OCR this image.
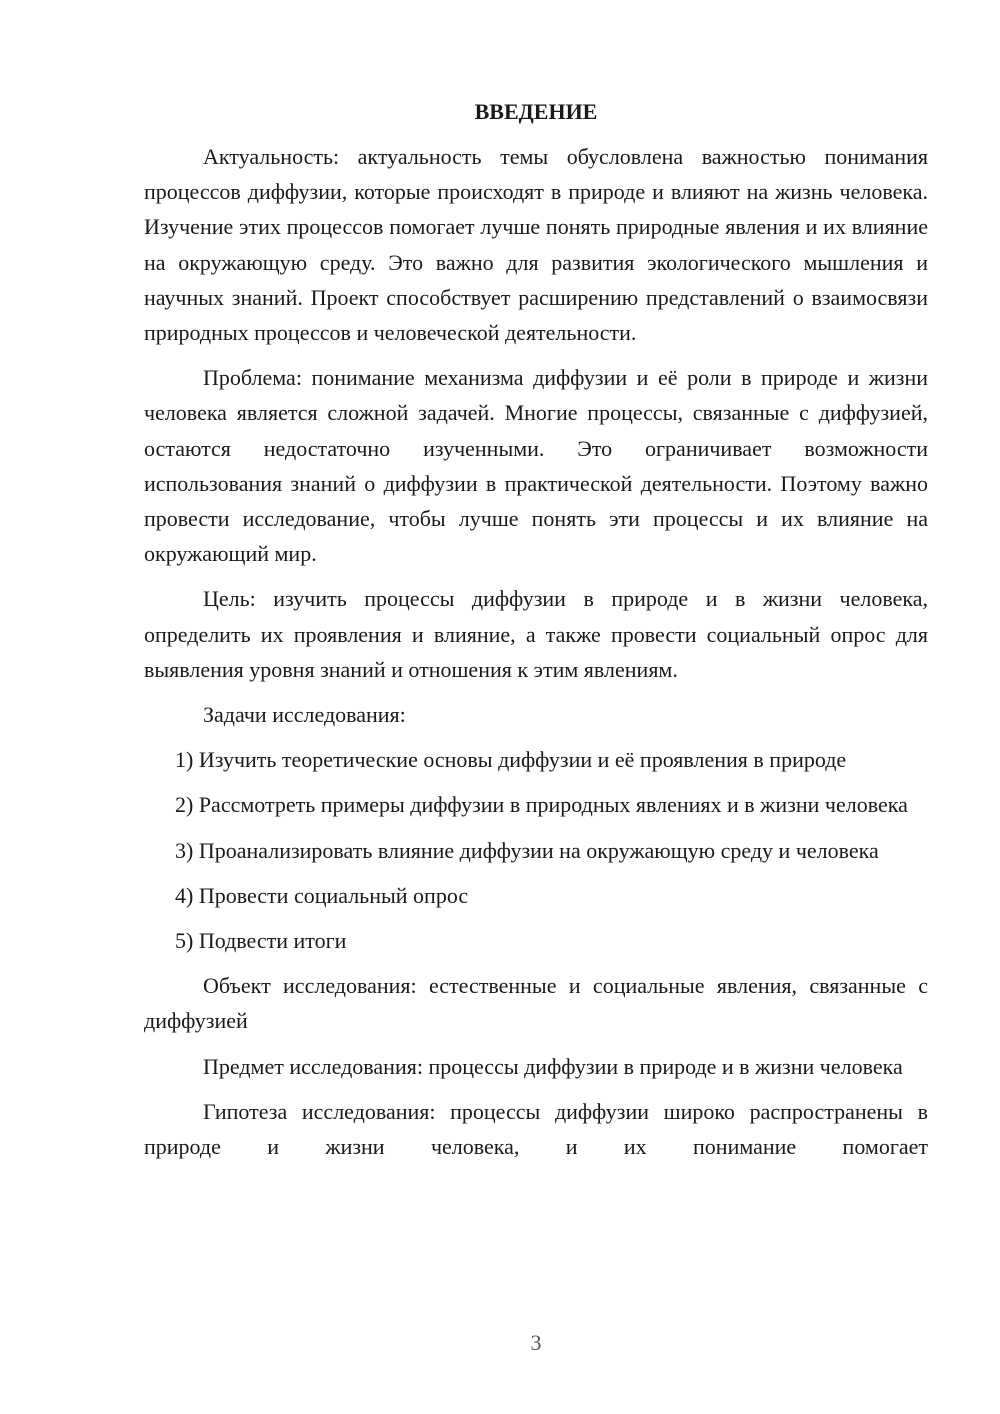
ВВЕДЕНИЕ

Актуальность: актуальность темы обусловлена важностью понимания процессов диффузии, которые происходят в природе и влияют на жизнь человека. Изучение этих процессов помогает лучше понять природные явления и их влияние на окружающую среду. Это важно для развития экологического мышления и научных знаний. Проект способствует расширению представлений о взаимосвязи природных процессов и человеческой деятельности.

Проблема: понимание механизма диффузии и её роли в природе и жизни человека является сложной задачей. Многие процессы, связанные с диффузией, остаются недостаточно изученными. Это ограничивает возможности использования знаний о диффузии в практической деятельности. Поэтому важно провести исследование, чтобы лучше понять эти процессы и их влияние на окружающий мир.

Цель: изучить процессы диффузии в природе и в жизни человека, определить их проявления и влияние, а также провести социальный опрос для выявления уровня знаний и отношения к этим явлениям.

Задачи исследования:

1) Изучить теоретические основы диффузии и её проявления в природе

2) Рассмотреть примеры диффузии в природных явлениях и в жизни человека

3) Проанализировать влияние диффузии на окружающую среду и человека

4) Провести социальный опрос

5) Подвести итоги

Объект исследования: естественные и социальные явления, связанные с диффузией

Предмет исследования: процессы диффузии в природе и в жизни человека

Гипотеза исследования: процессы диффузии широко распространены в природе и жизни человека, и их понимание помогает

3
